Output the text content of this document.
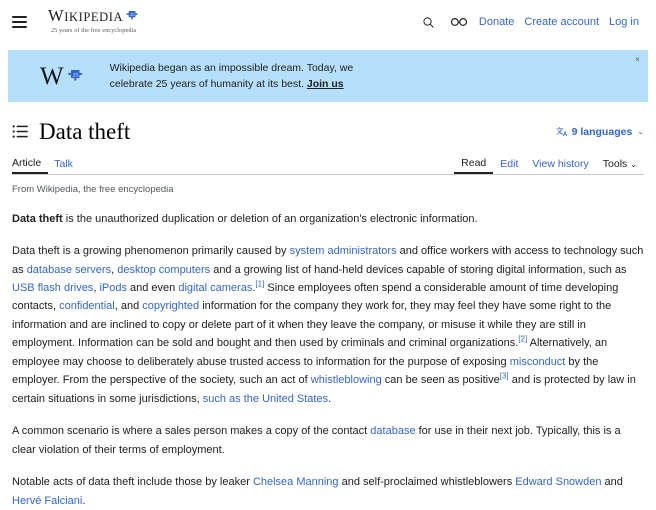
WIKIPEDIA 25
25 years of the free encyclopedia
Donate Create account Log in
W 25
Wikipedia began as an impossible dream. Today, we
celebrate 25 years of humanity at its best. Join us
×
Data theft	文 A 9 languages ⌄
Article	Talk	Read	Edit	View history	Tools ⌄
From Wikipedia, the free encyclopedia

Data theft is the unauthorized duplication or deletion of an organization's electronic information.

Data theft is a growing phenomenon primarily caused by system administrators and office workers with access to technology such as database servers, desktop computers and a growing list of hand-held devices capable of storing digital information, such as USB flash drives, iPods and even digital cameras.[1] Since employees often spend a considerable amount of time developing contacts, confidential, and copyrighted information for the company they work for, they may feel they have some right to the information and are inclined to copy or delete part of it when they leave the company, or misuse it while they are still in employment. Information can be sold and bought and then used by criminals and criminal organizations.[2] Alternatively, an employee may choose to deliberately abuse trusted access to information for the purpose of exposing misconduct by the employer. From the perspective of the society, such an act of whistleblowing can be seen as positive[3] and is protected by law in certain situations in some jurisdictions, such as the United States.

A common scenario is where a sales person makes a copy of the contact database for use in their next job. Typically, this is a clear violation of their terms of employment.

Notable acts of data theft include those by leaker Chelsea Manning and self-proclaimed whistleblowers Edward Snowden and Hervé Falciani.
